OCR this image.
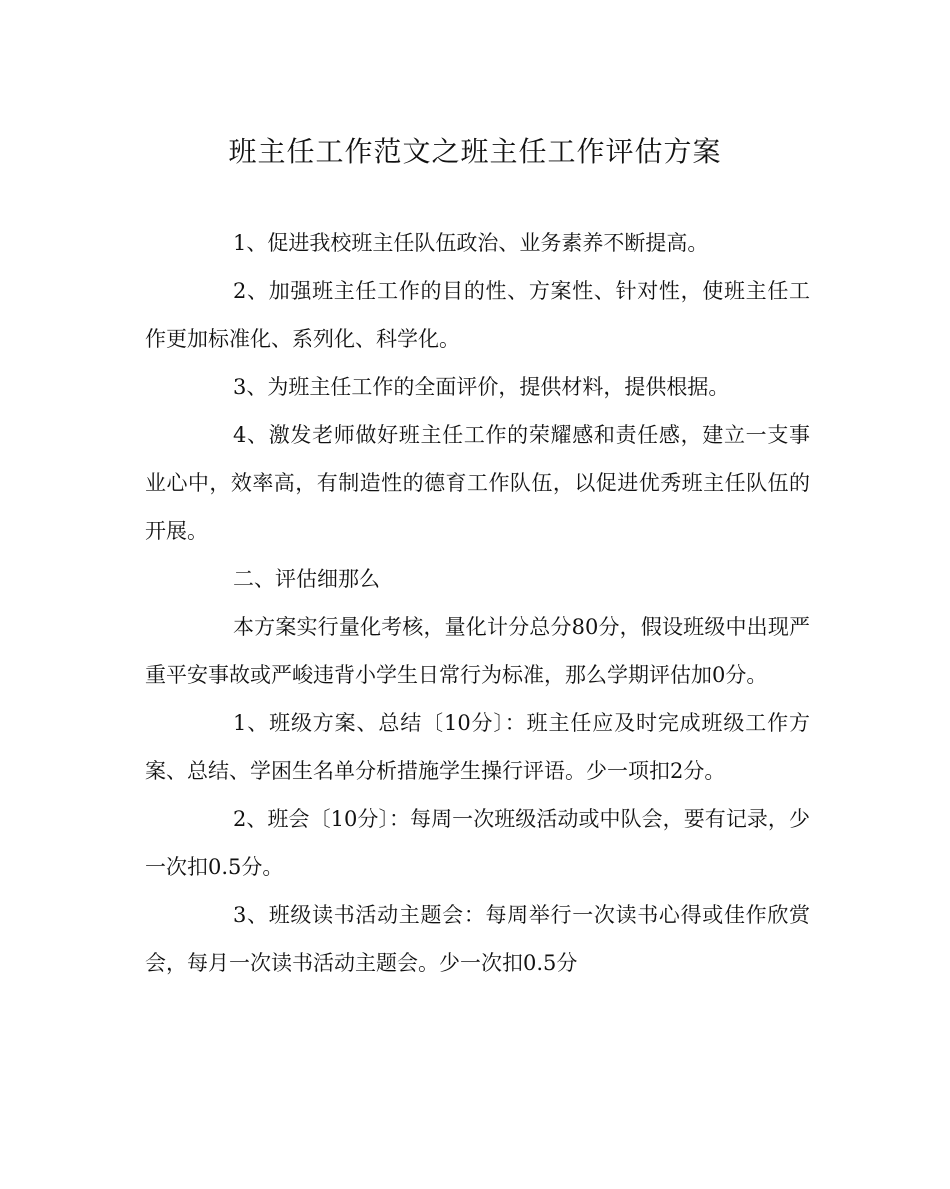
班主任工作范文之班主任工作评估方案

1、促进我校班主任队伍政治、业务素养不断提高。

2、加强班主任工作的目的性、方案性、针对性，使班主任工作更加标准化、系列化、科学化。

3、为班主任工作的全面评价，提供材料，提供根据。

4、激发老师做好班主任工作的荣耀感和责任感，建立一支事业心中，效率高，有制造性的德育工作队伍，以促进优秀班主任队伍的开展。

二、评估细那么

本方案实行量化考核，量化计分总分80分，假设班级中出现严重平安事故或严峻违背小学生日常行为标准，那么学期评估加0分。

1、班级方案、总结〔10分〕：班主任应及时完成班级工作方案、总结、学困生名单分析措施学生操行评语。少一项扣2分。

2、班会〔10分〕：每周一次班级活动或中队会，要有记录，少一次扣0.5分。

3、班级读书活动主题会：每周举行一次读书心得或佳作欣赏会，每月一次读书活动主题会。少一次扣0.5分
